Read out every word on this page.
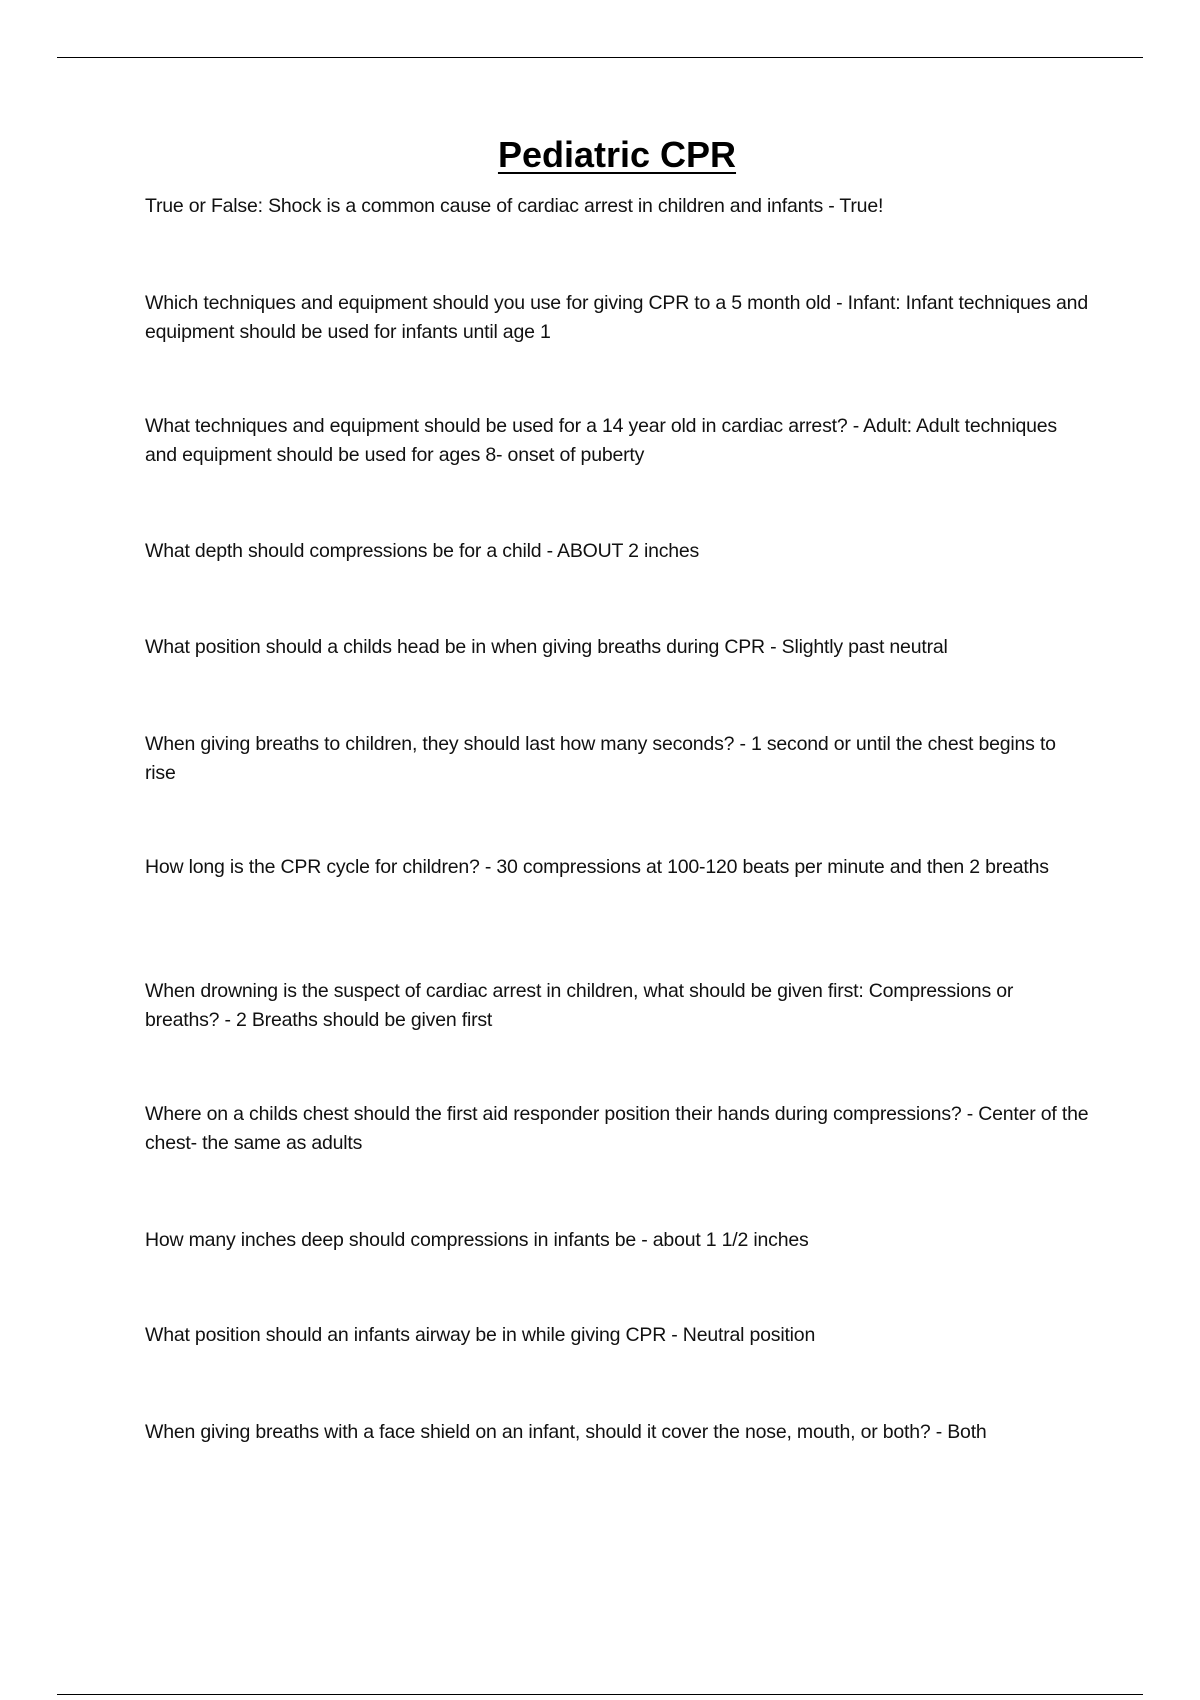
Pediatric CPR

True or False: Shock is a common cause of cardiac arrest in children and infants - True!

Which techniques and equipment should you use for giving CPR to a 5 month old - Infant: Infant techniques and equipment should be used for infants until age 1

What techniques and equipment should be used for a 14 year old in cardiac arrest? - Adult: Adult techniques and equipment should be used for ages 8- onset of puberty

What depth should compressions be for a child - ABOUT 2 inches

What position should a childs head be in when giving breaths during CPR - Slightly past neutral

When giving breaths to children, they should last how many seconds? - 1 second or until the chest begins to rise

How long is the CPR cycle for children? - 30 compressions at 100-120 beats per minute and then 2 breaths

When drowning is the suspect of cardiac arrest in children, what should be given first: Compressions or breaths? - 2 Breaths should be given first

Where on a childs chest should the first aid responder position their hands during compressions? - Center of the chest- the same as adults

How many inches deep should compressions in infants be - about 1 1/2 inches

What position should an infants airway be in while giving CPR - Neutral position

When giving breaths with a face shield on an infant, should it cover the nose, mouth, or both? - Both
